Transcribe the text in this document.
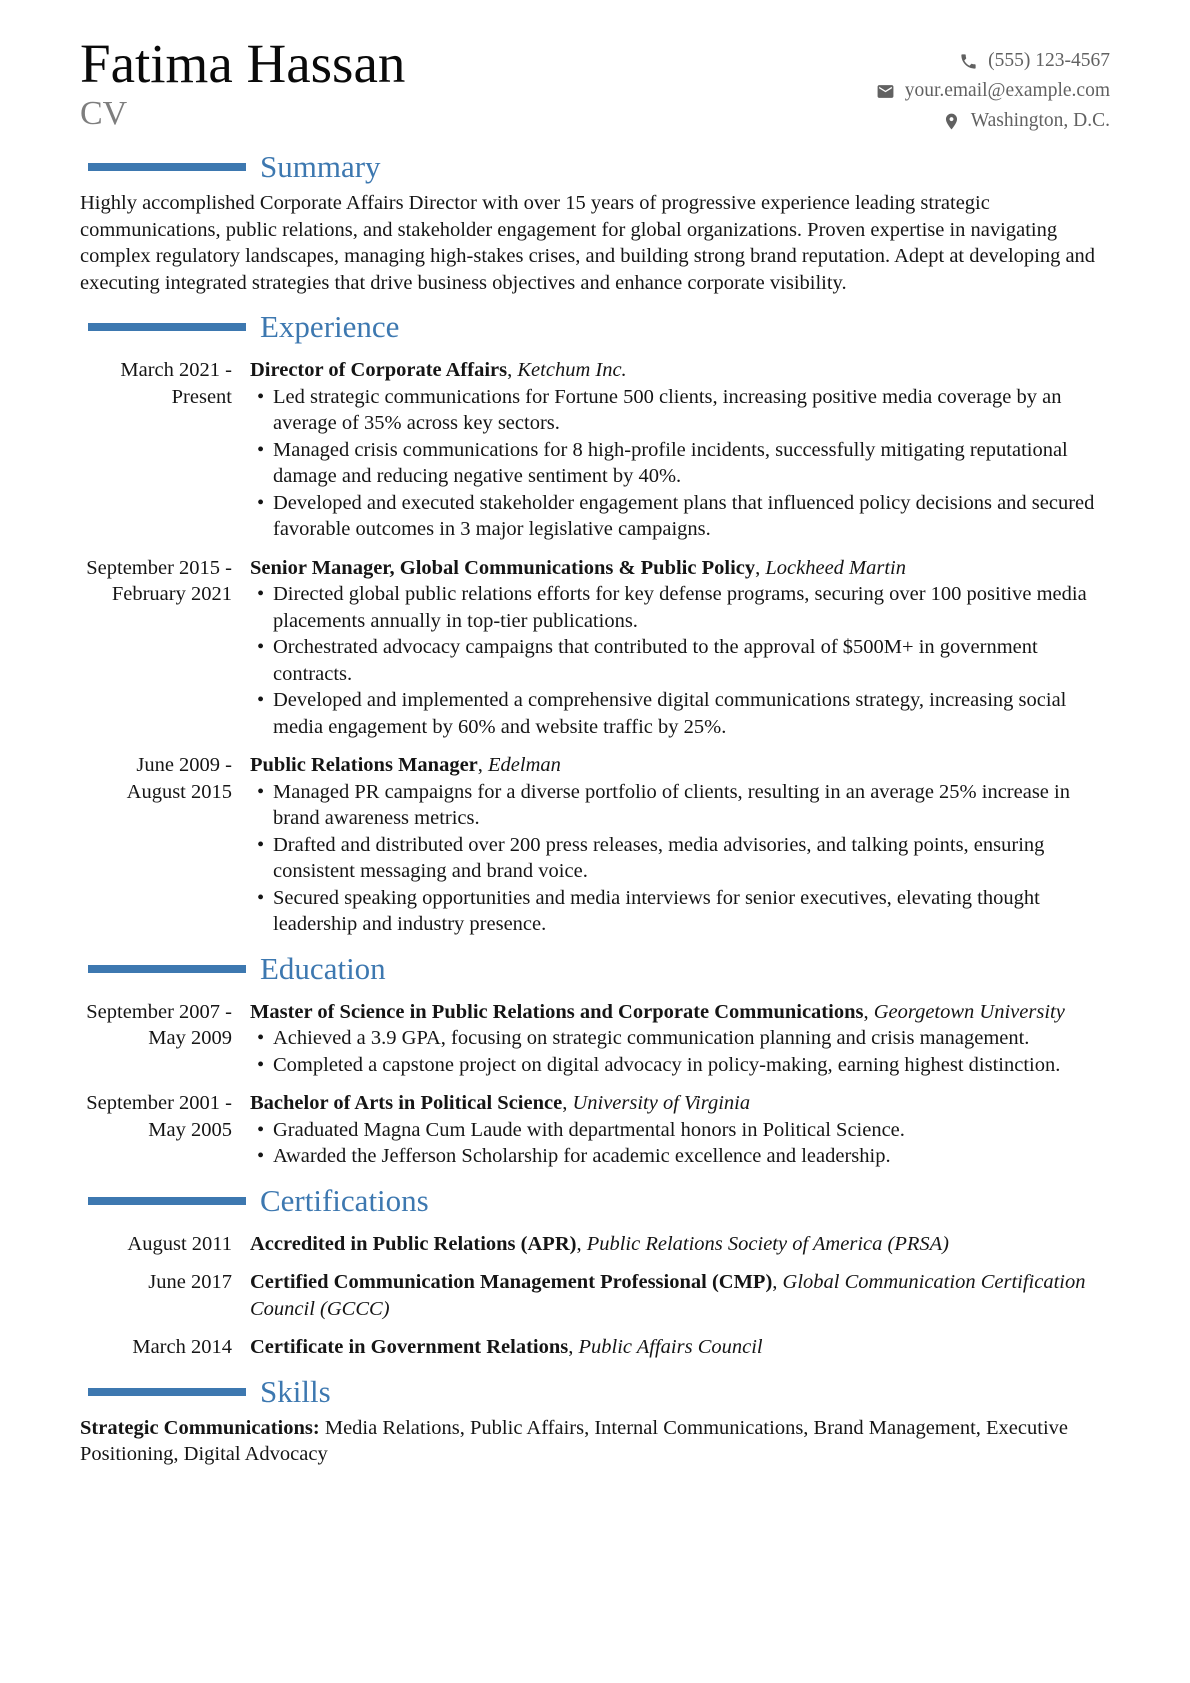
Fatima Hassan
CV
(555) 123-4567
your.email@example.com
Washington, D.C.
Summary

Highly accomplished Corporate Affairs Director with over 15 years of progressive experience leading strategic communications, public relations, and stakeholder engagement for global organizations. Proven expertise in navigating complex regulatory landscapes, managing high-stakes crises, and building strong brand reputation. Adept at developing and executing integrated strategies that drive business objectives and enhance corporate visibility.

Experience
March 2021 - Present

Director of Corporate Affairs , Ketchum Inc.

• Led strategic communications for Fortune 500 clients, increasing positive media coverage by an average of 35% across key sectors.
• Managed crisis communications for 8 high-profile incidents, successfully mitigating reputational damage and reducing negative sentiment by 40%.
• Developed and executed stakeholder engagement plans that influenced policy decisions and secured favorable outcomes in 3 major legislative campaigns.
September 2015 - February 2021

Senior Manager, Global Communications & Public Policy , Lockheed Martin

• Directed global public relations efforts for key defense programs, securing over 100 positive media placements annually in top-tier publications.
• Orchestrated advocacy campaigns that contributed to the approval of $500M+ in government contracts.
• Developed and implemented a comprehensive digital communications strategy, increasing social media engagement by 60% and website traffic by 25%.
June 2009 - August 2015

Public Relations Manager , Edelman

• Managed PR campaigns for a diverse portfolio of clients, resulting in an average 25% increase in brand awareness metrics.
• Drafted and distributed over 200 press releases, media advisories, and talking points, ensuring consistent messaging and brand voice.
• Secured speaking opportunities and media interviews for senior executives, elevating thought leadership and industry presence.
Education
September 2007 - May 2009

Master of Science in Public Relations and Corporate Communications , Georgetown University

• Achieved a 3.9 GPA, focusing on strategic communication planning and crisis management.
• Completed a capstone project on digital advocacy in policy-making, earning highest distinction.
September 2001 - May 2005

Bachelor of Arts in Political Science , University of Virginia

• Graduated Magna Cum Laude with departmental honors in Political Science.
• Awarded the Jefferson Scholarship for academic excellence and leadership.
Certifications
August 2011 Accredited in Public Relations (APR) , Public Relations Society of America (PRSA)

June 2017 Certified Communication Management Professional (CMP) , Global Communication Certification Council (GCCC)

March 2014 Certificate in Government Relations , Public Affairs Council

Skills

Strategic Communications: Media Relations, Public Affairs, Internal Communications, Brand Management, Executive Positioning, Digital Advocacy
